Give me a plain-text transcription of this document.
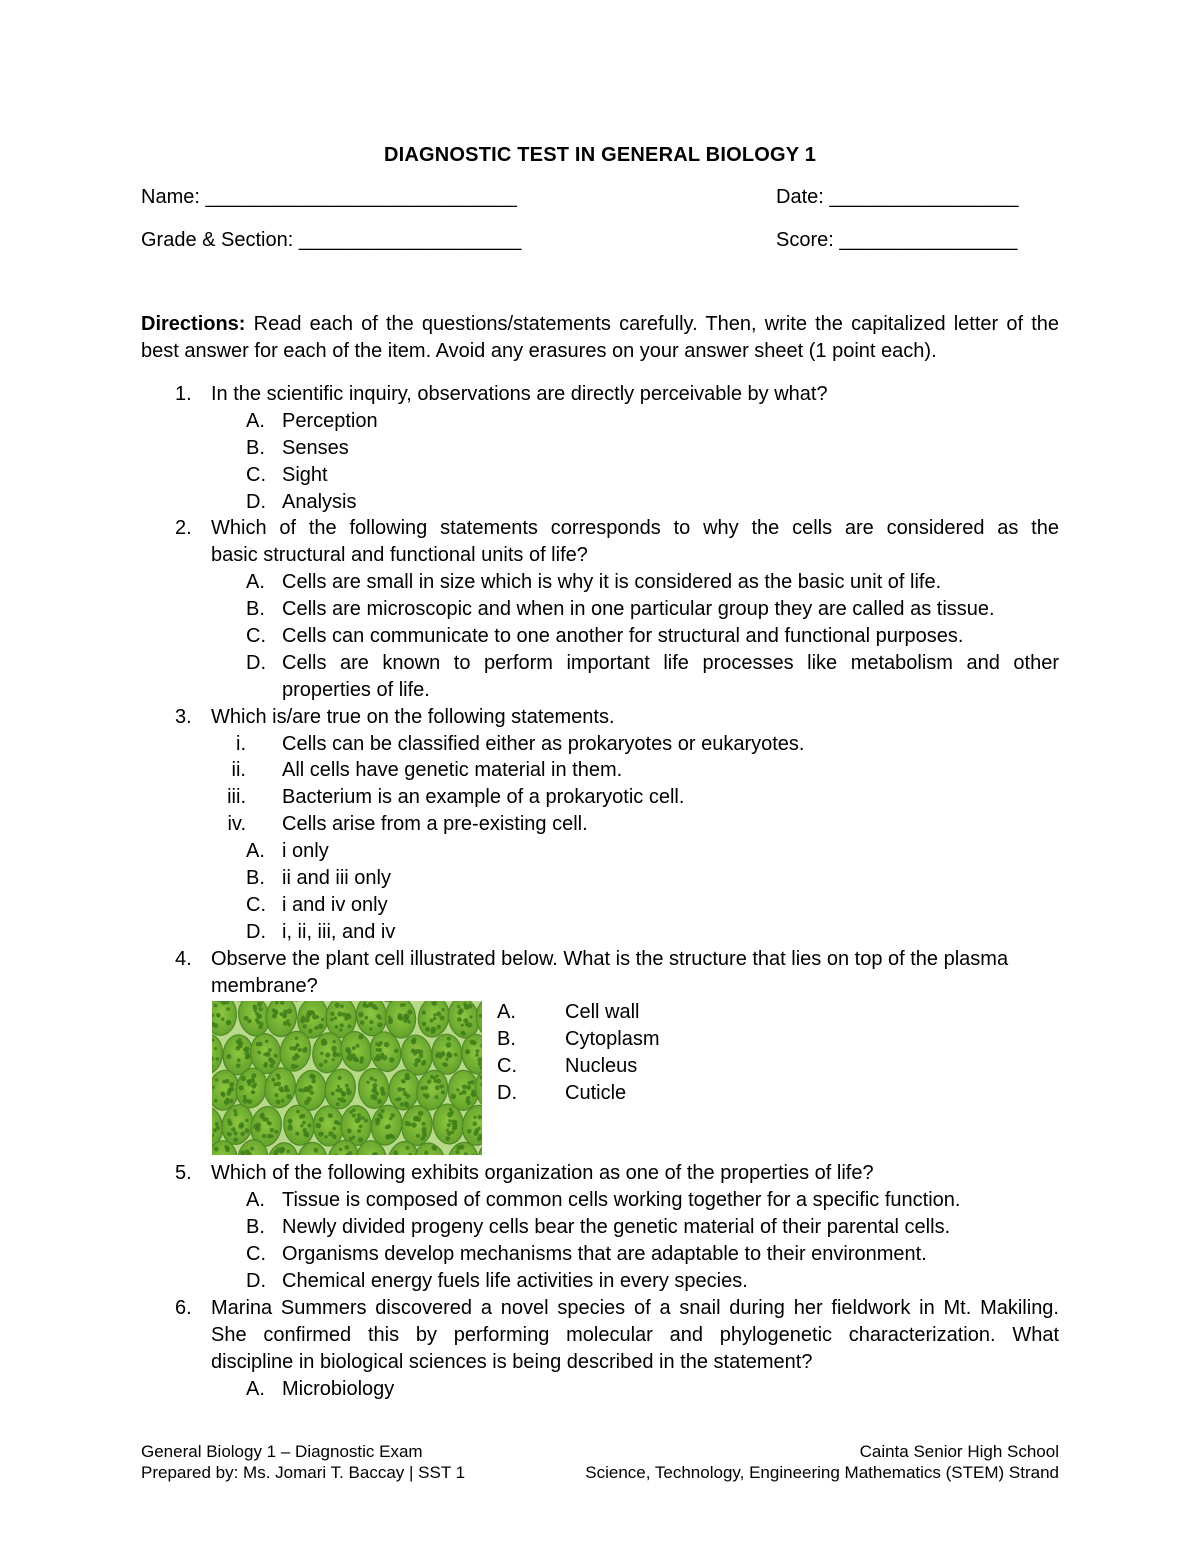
DIAGNOSTIC TEST IN GENERAL BIOLOGY 1
Name: ____________________________	Date: _________________
Grade & Section: ____________________	Score: ________________
Directions: Read each of the questions/statements carefully. Then, write the capitalized letter of the best answer for each of the item. Avoid any erasures on your answer sheet (1 point each).
1. In the scientific inquiry, observations are directly perceivable by what?
A. Perception
B. Senses
C. Sight
D. Analysis
2. Which of the following statements corresponds to why the cells are considered as the
basic structural and functional units of life?
A. Cells are small in size which is why it is considered as the basic unit of life.
B. Cells are microscopic and when in one particular group they are called as tissue.
C. Cells can communicate to one another for structural and functional purposes.
D. Cells are known to perform important life processes like metabolism and other
properties of life.
3. Which is/are true on the following statements.
i. Cells can be classified either as prokaryotes or eukaryotes.
ii. All cells have genetic material in them.
iii. Bacterium is an example of a prokaryotic cell.
iv. Cells arise from a pre-existing cell.
A. i only
B. ii and iii only
C. i and iv only
D. i, ii, iii, and iv
4. Observe the plant cell illustrated below. What is the structure that lies on top of the plasma
membrane?
A. Cell wall
B. Cytoplasm
C. Nucleus
D. Cuticle
5. Which of the following exhibits organization as one of the properties of life?
A. Tissue is composed of common cells working together for a specific function.
B. Newly divided progeny cells bear the genetic material of their parental cells.
C. Organisms develop mechanisms that are adaptable to their environment.
D. Chemical energy fuels life activities in every species.
6. Marina Summers discovered a novel species of a snail during her fieldwork in Mt. Makiling.
She confirmed this by performing molecular and phylogenetic characterization. What
discipline in biological sciences is being described in the statement?
A. Microbiology
General Biology 1 – Diagnostic Exam
Prepared by: Ms. Jomari T. Baccay | SST 1
Cainta Senior High School
Science, Technology, Engineering Mathematics (STEM) Strand
